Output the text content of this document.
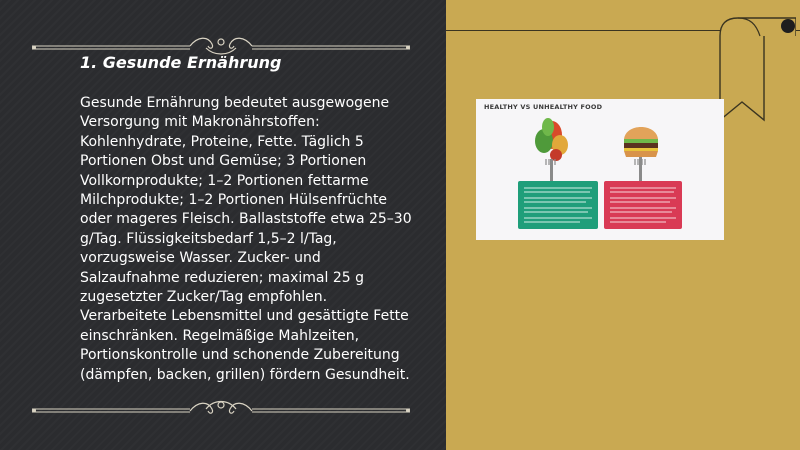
1. Gesunde Ernährung

Gesunde Ernährung bedeutet ausgewogene Versorgung mit Makronährstoffen: Kohlenhydrate, Proteine, Fette. Täglich 5 Portionen Obst und Gemüse; 3 Portionen Vollkornprodukte; 1–2 Portionen fettarme Milchprodukte; 1–2 Portionen Hülsenfrüchte oder mageres Fleisch. Ballaststoffe etwa 25–30 g/Tag. Flüssigkeitsbedarf 1,5–2 l/Tag, vorzugsweise Wasser. Zucker- und Salzaufnahme reduzieren; maximal 25 g zugesetzter Zucker/Tag empfohlen. Verarbeitete Lebensmittel und gesättigte Fette einschränken. Regelmäßige Mahlzeiten, Portionskontrolle und schonende Zubereitung (dämpfen, backen, grillen) fördern Gesundheit.

HEALTHY VS UNHEALTHY FOOD
